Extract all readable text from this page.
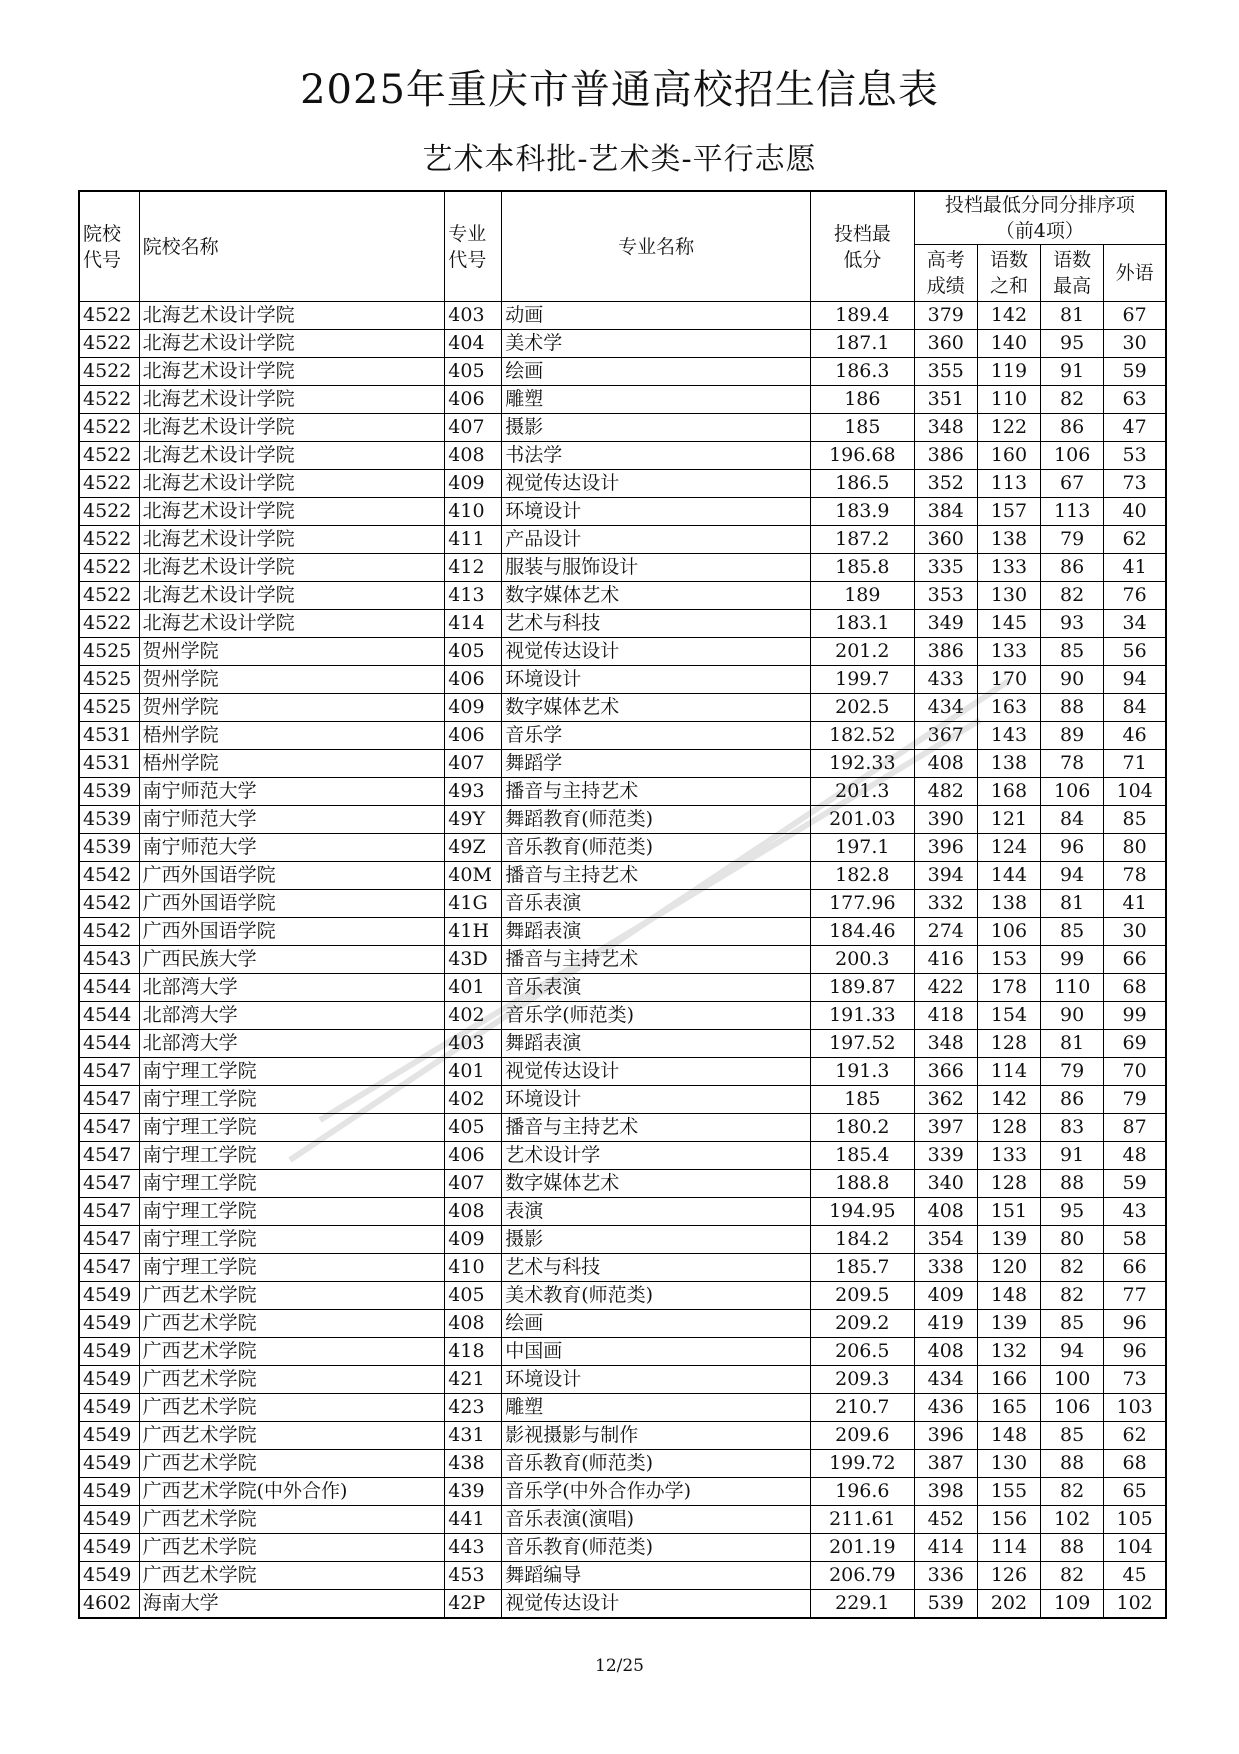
2025年重庆市普通高校招生信息表
艺术本科批-艺术类-平行志愿
院校代号	院校名称	专业代号	专业名称	投档最低分	投档最低分同分排序项（前4项）			
					高考成绩	语数之和	语数最高	外语
4522	北海艺术设计学院	403	动画	189.4	379	142	81	67
4522	北海艺术设计学院	404	美术学	187.1	360	140	95	30
4522	北海艺术设计学院	405	绘画	186.3	355	119	91	59
4522	北海艺术设计学院	406	雕塑	186	351	110	82	63
4522	北海艺术设计学院	407	摄影	185	348	122	86	47
4522	北海艺术设计学院	408	书法学	196.68	386	160	106	53
4522	北海艺术设计学院	409	视觉传达设计	186.5	352	113	67	73
4522	北海艺术设计学院	410	环境设计	183.9	384	157	113	40
4522	北海艺术设计学院	411	产品设计	187.2	360	138	79	62
4522	北海艺术设计学院	412	服装与服饰设计	185.8	335	133	86	41
4522	北海艺术设计学院	413	数字媒体艺术	189	353	130	82	76
4522	北海艺术设计学院	414	艺术与科技	183.1	349	145	93	34
4525	贺州学院	405	视觉传达设计	201.2	386	133	85	56
4525	贺州学院	406	环境设计	199.7	433	170	90	94
4525	贺州学院	409	数字媒体艺术	202.5	434	163	88	84
4531	梧州学院	406	音乐学	182.52	367	143	89	46
4531	梧州学院	407	舞蹈学	192.33	408	138	78	71
4539	南宁师范大学	493	播音与主持艺术	201.3	482	168	106	104
4539	南宁师范大学	49Y	舞蹈教育(师范类)	201.03	390	121	84	85
4539	南宁师范大学	49Z	音乐教育(师范类)	197.1	396	124	96	80
4542	广西外国语学院	40M	播音与主持艺术	182.8	394	144	94	78
4542	广西外国语学院	41G	音乐表演	177.96	332	138	81	41
4542	广西外国语学院	41H	舞蹈表演	184.46	274	106	85	30
4543	广西民族大学	43D	播音与主持艺术	200.3	416	153	99	66
4544	北部湾大学	401	音乐表演	189.87	422	178	110	68
4544	北部湾大学	402	音乐学(师范类)	191.33	418	154	90	99
4544	北部湾大学	403	舞蹈表演	197.52	348	128	81	69
4547	南宁理工学院	401	视觉传达设计	191.3	366	114	79	70
4547	南宁理工学院	402	环境设计	185	362	142	86	79
4547	南宁理工学院	405	播音与主持艺术	180.2	397	128	83	87
4547	南宁理工学院	406	艺术设计学	185.4	339	133	91	48
4547	南宁理工学院	407	数字媒体艺术	188.8	340	128	88	59
4547	南宁理工学院	408	表演	194.95	408	151	95	43
4547	南宁理工学院	409	摄影	184.2	354	139	80	58
4547	南宁理工学院	410	艺术与科技	185.7	338	120	82	66
4549	广西艺术学院	405	美术教育(师范类)	209.5	409	148	82	77
4549	广西艺术学院	408	绘画	209.2	419	139	85	96
4549	广西艺术学院	418	中国画	206.5	408	132	94	96
4549	广西艺术学院	421	环境设计	209.3	434	166	100	73
4549	广西艺术学院	423	雕塑	210.7	436	165	106	103
4549	广西艺术学院	431	影视摄影与制作	209.6	396	148	85	62
4549	广西艺术学院	438	音乐教育(师范类)	199.72	387	130	88	68
4549	广西艺术学院(中外合作)	439	音乐学(中外合作办学)	196.6	398	155	82	65
4549	广西艺术学院	441	音乐表演(演唱)	211.61	452	156	102	105
4549	广西艺术学院	443	音乐教育(师范类)	201.19	414	114	88	104
4549	广西艺术学院	453	舞蹈编导	206.79	336	126	82	45
4602	海南大学	42P	视觉传达设计	229.1	539	202	109	102
12/25
